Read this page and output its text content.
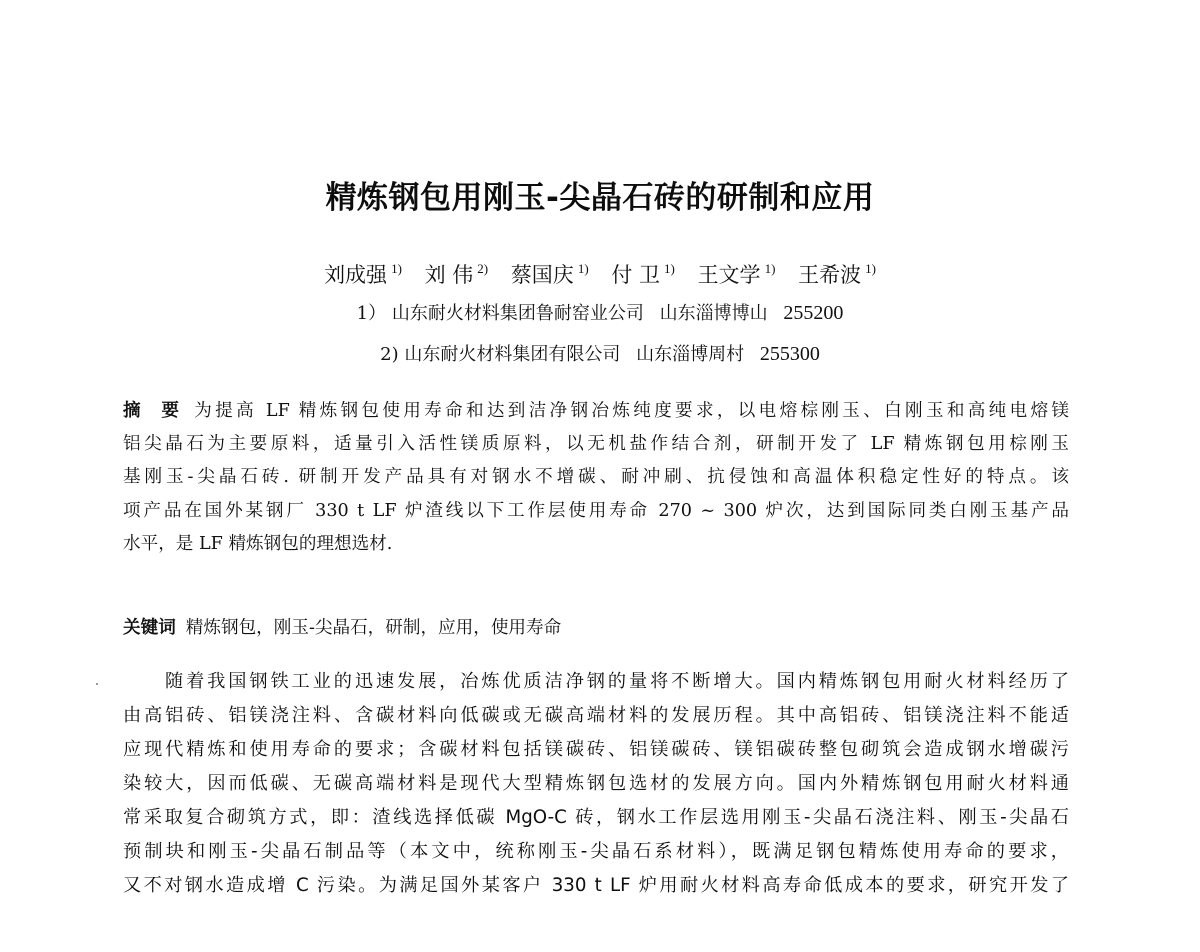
精炼钢包用刚玉-尖晶石砖的研制和应用
刘成强 $^{1)}$ 刘 伟 $^{2)}$ 蔡国庆 $^{1)}$ 付 卫 $^{1)}$ 王文学 $^{1)}$ 王希波 $^{1)}$
1） 山东耐火材料集团鲁耐窑业公司 山东淄博博山 255200
2) 山东耐火材料集团有限公司 山东淄博周村 255300
摘 要 为提高 LF 精炼钢包使用寿命和达到洁净钢冶炼纯度要求，以电熔棕刚玉、白刚玉和高纯电熔镁
铝尖晶石为主要原料，适量引入活性镁质原料，以无机盐作结合剂，研制开发了 LF 精炼钢包用棕刚玉
基刚玉-尖晶石砖. 研制开发产品具有对钢水不增碳、耐冲刷、抗侵蚀和高温体积稳定性好的特点。该
项产品在国外某钢厂 330 t LF 炉渣线以下工作层使用寿命 270 ~ 300 炉次，达到国际同类白刚玉基产品
水平，是 LF 精炼钢包的理想选材.
关键词 精炼钢包，刚玉-尖晶石，研制，应用，使用寿命
随着我国钢铁工业的迅速发展，冶炼优质洁净钢的量将不断增大。国内精炼钢包用耐火材料经历了
由高铝砖、铝镁浇注料、含碳材料向低碳或无碳高端材料的发展历程。其中高铝砖、铝镁浇注料不能适
应现代精炼和使用寿命的要求；含碳材料包括镁碳砖、铝镁碳砖、镁铝碳砖整包砌筑会造成钢水增碳污
染较大，因而低碳、无碳高端材料是现代大型精炼钢包选材的发展方向。国内外精炼钢包用耐火材料通
常采取复合砌筑方式，即：渣线选择低碳 MgO-C 砖，钢水工作层选用刚玉-尖晶石浇注料、刚玉-尖晶石
预制块和刚玉-尖晶石制品等（本文中，统称刚玉-尖晶石系材料），既满足钢包精炼使用寿命的要求，
又不对钢水造成增 C 污染。为满足国外某客户 330 t LF 炉用耐火材料高寿命低成本的要求，研究开发了
